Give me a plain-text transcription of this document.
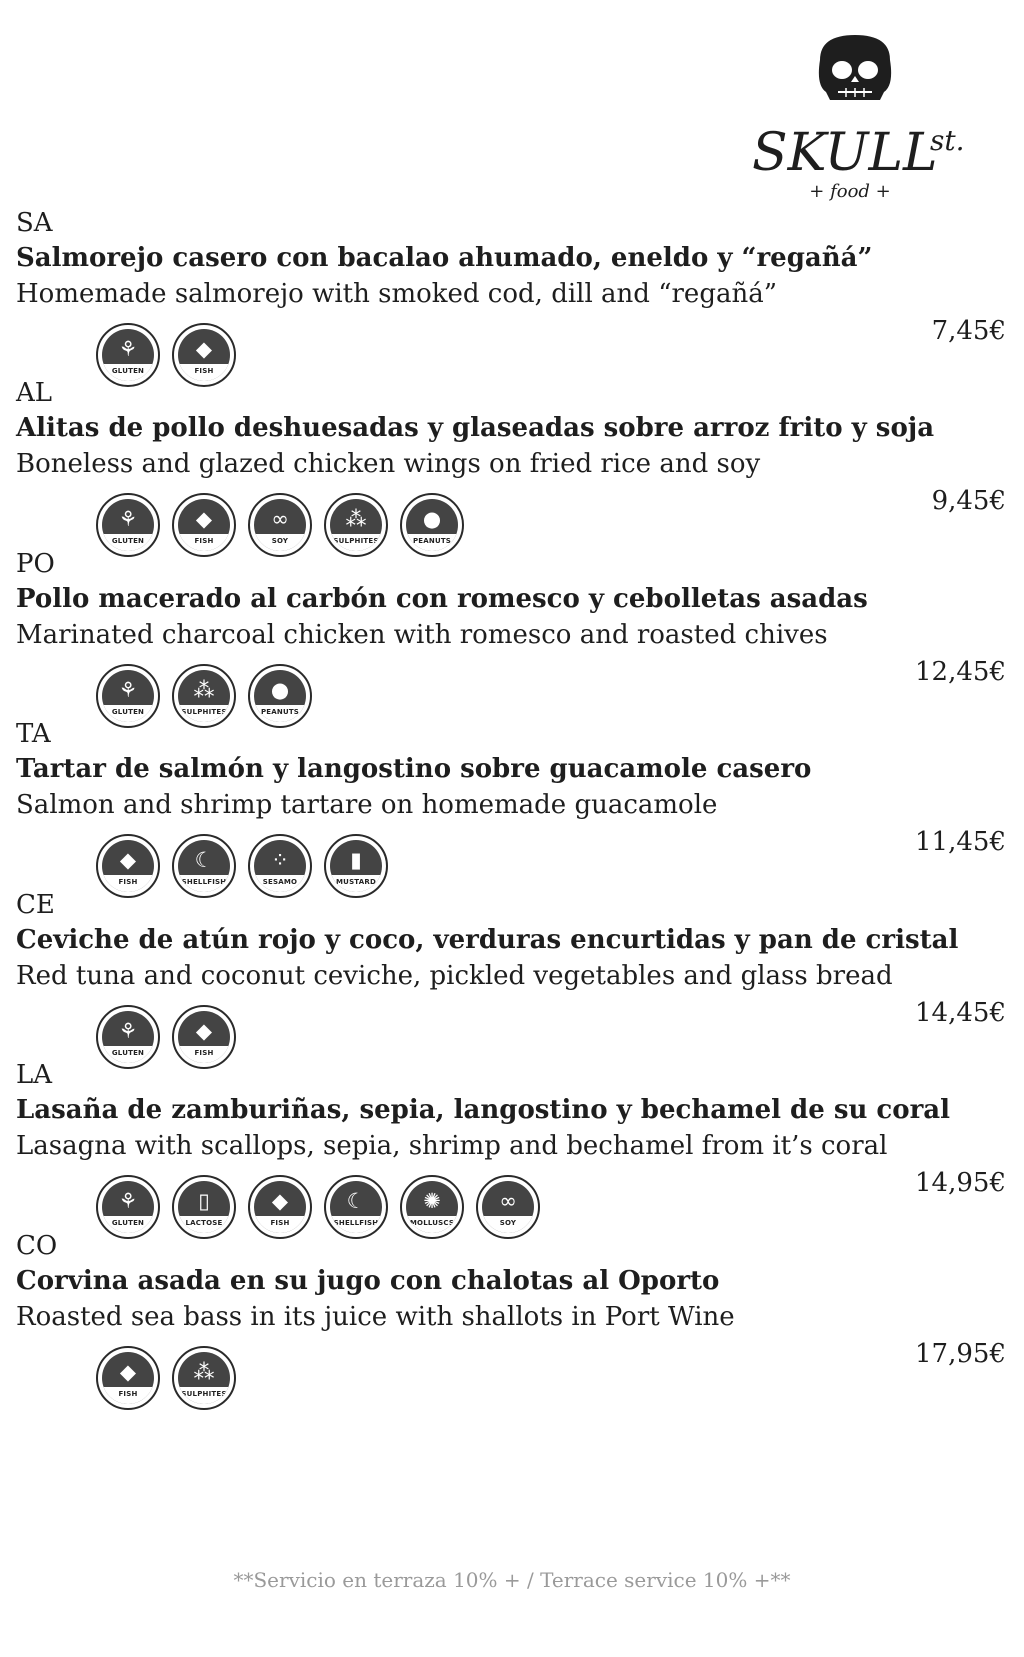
SKULL
st.
+ food +
SA
Salmorejo casero con bacalao ahumado, eneldo y “regañá”
Homemade salmorejo with smoked cod, dill and “regañá”
7,45€
⚘
GLUTEN
◆
FISH
AL
Alitas de pollo deshuesadas y glaseadas sobre arroz frito y soja
Boneless and glazed chicken wings on fried rice and soy
9,45€
⚘
GLUTEN
◆
FISH
∞
SOY
⁂
SULPHITES
●
PEANUTS
PO
Pollo macerado al carbón con romesco y cebolletas asadas
Marinated charcoal chicken with romesco and roasted chives
12,45€
⚘
GLUTEN
⁂
SULPHITES
●
PEANUTS
TA
Tartar de salmón y langostino sobre guacamole casero
Salmon and shrimp tartare on homemade guacamole
11,45€
◆
FISH
☾
SHELLFISH
⁘
SESAMO
▮
MUSTARD
CE
Ceviche de atún rojo y coco, verduras encurtidas y pan de cristal
Red tuna and coconut ceviche, pickled vegetables and glass bread
14,45€
⚘
GLUTEN
◆
FISH
LA
Lasaña de zamburiñas, sepia, langostino y bechamel de su coral
Lasagna with scallops, sepia, shrimp and bechamel from it’s coral
14,95€
⚘
GLUTEN
▯
LACTOSE
◆
FISH
☾
SHELLFISH
✺
MOLLUSCS
∞
SOY
CO
Corvina asada en su jugo con chalotas al Oporto
Roasted sea bass in its juice with shallots in Port Wine
17,95€
◆
FISH
⁂
SULPHITES
**Servicio en terraza 10% + / Terrace service 10% +**
